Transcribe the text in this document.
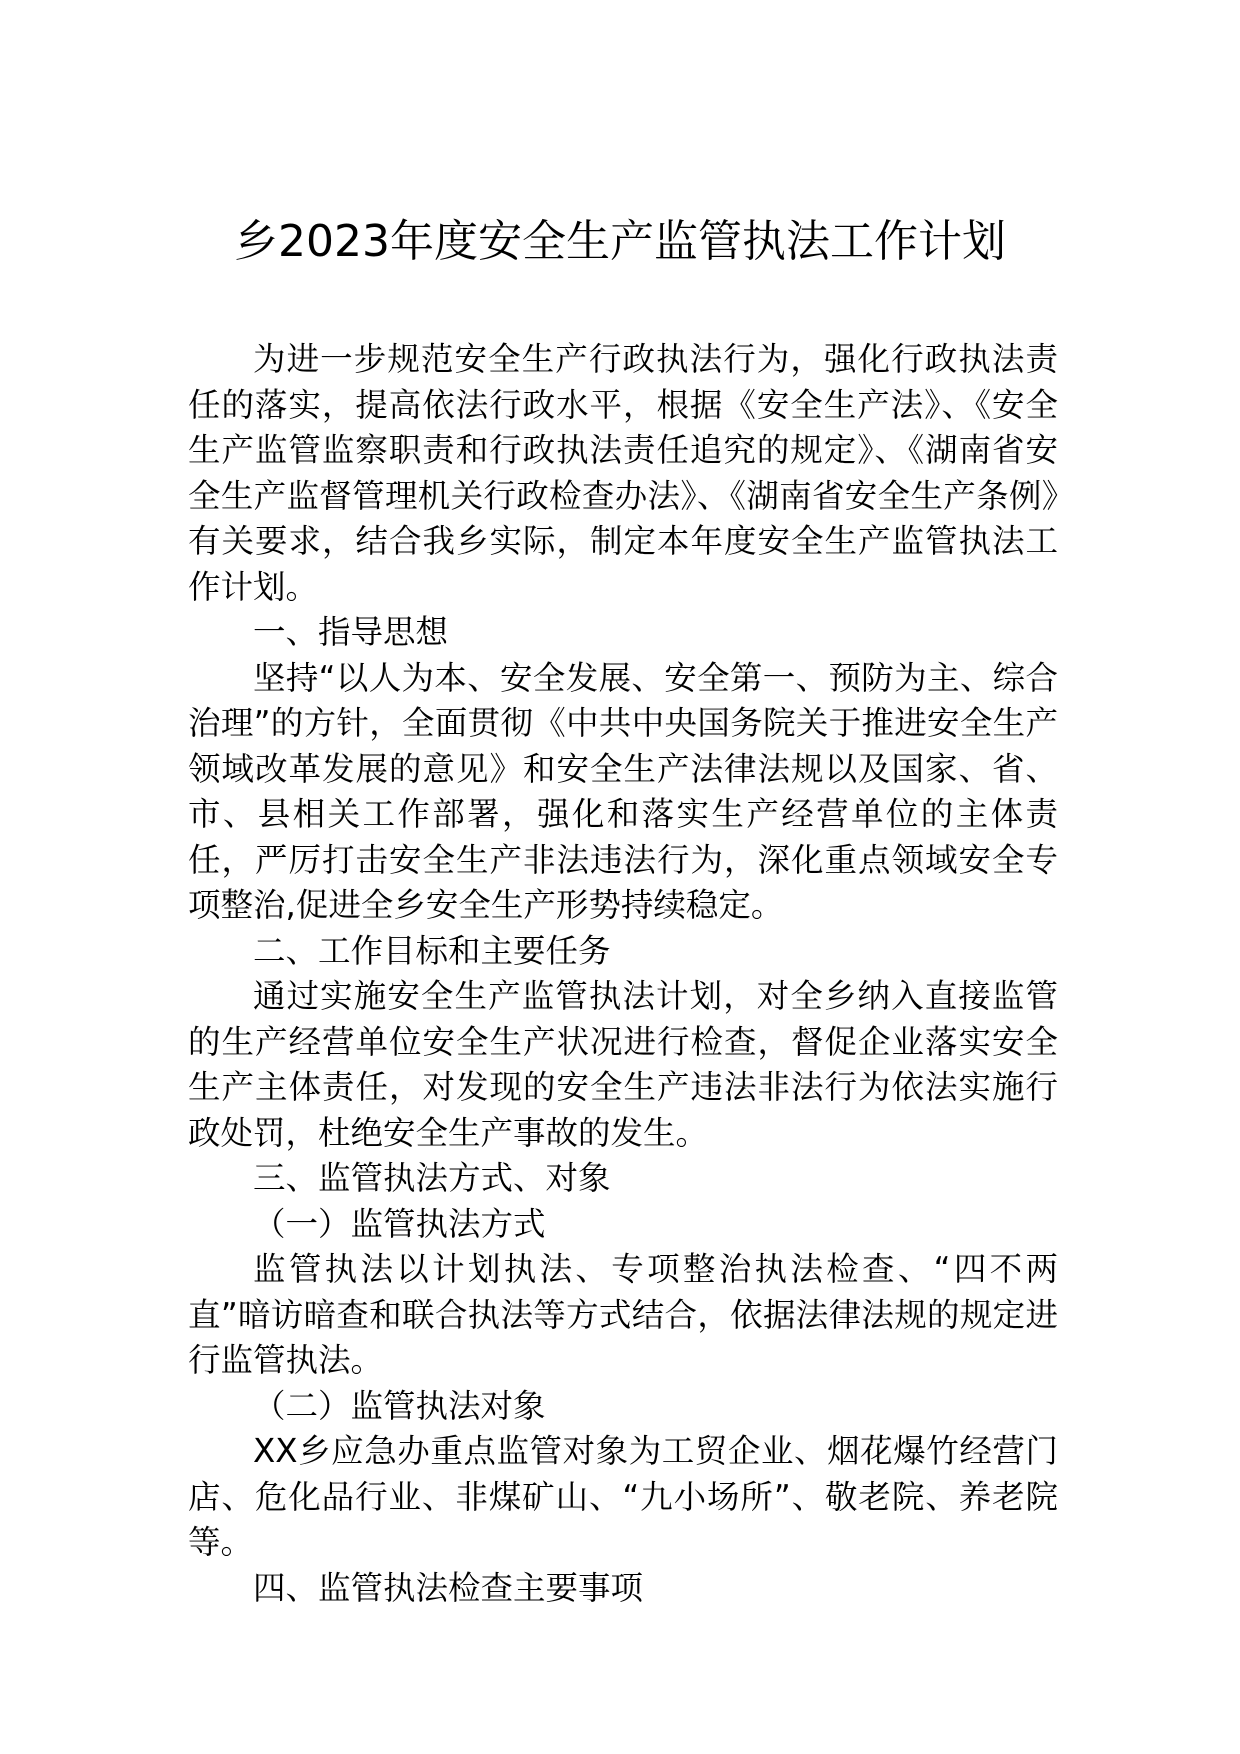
乡2023年度安全生产监管执法工作计划

为进一步规范安全生产行政执法行为，强化行政执法责任的落实，提高依法行政水平，根据《安全生产法》、《安全生产监管监察职责和行政执法责任追究的规定》、《湖南省安全生产监督管理机关行政检查办法》、《湖南省安全生产条例》有关要求，结合我乡实际，制定本年度安全生产监管执法工作计划。

一、指导思想

坚持“以人为本、安全发展、安全第一、预防为主、综合治理”的方针，全面贯彻《中共中央国务院关于推进安全生产领域改革发展的意见》和安全生产法律法规以及国家、省、市、县相关工作部署，强化和落实生产经营单位的主体责任，严厉打击安全生产非法违法行为，深化重点领域安全专项整治,促进全乡安全生产形势持续稳定。

二、工作目标和主要任务

通过实施安全生产监管执法计划，对全乡纳入直接监管的生产经营单位安全生产状况进行检查，督促企业落实安全生产主体责任，对发现的安全生产违法非法行为依法实施行政处罚，杜绝安全生产事故的发生。

三、监管执法方式、对象

（一）监管执法方式

监管执法以计划执法、专项整治执法检查、“四不两直”暗访暗查和联合执法等方式结合，依据法律法规的规定进行监管执法。

（二）监管执法对象

XX乡应急办重点监管对象为工贸企业、烟花爆竹经营门店、危化品行业、非煤矿山、“九小场所”、敬老院、养老院等。

四、监管执法检查主要事项
